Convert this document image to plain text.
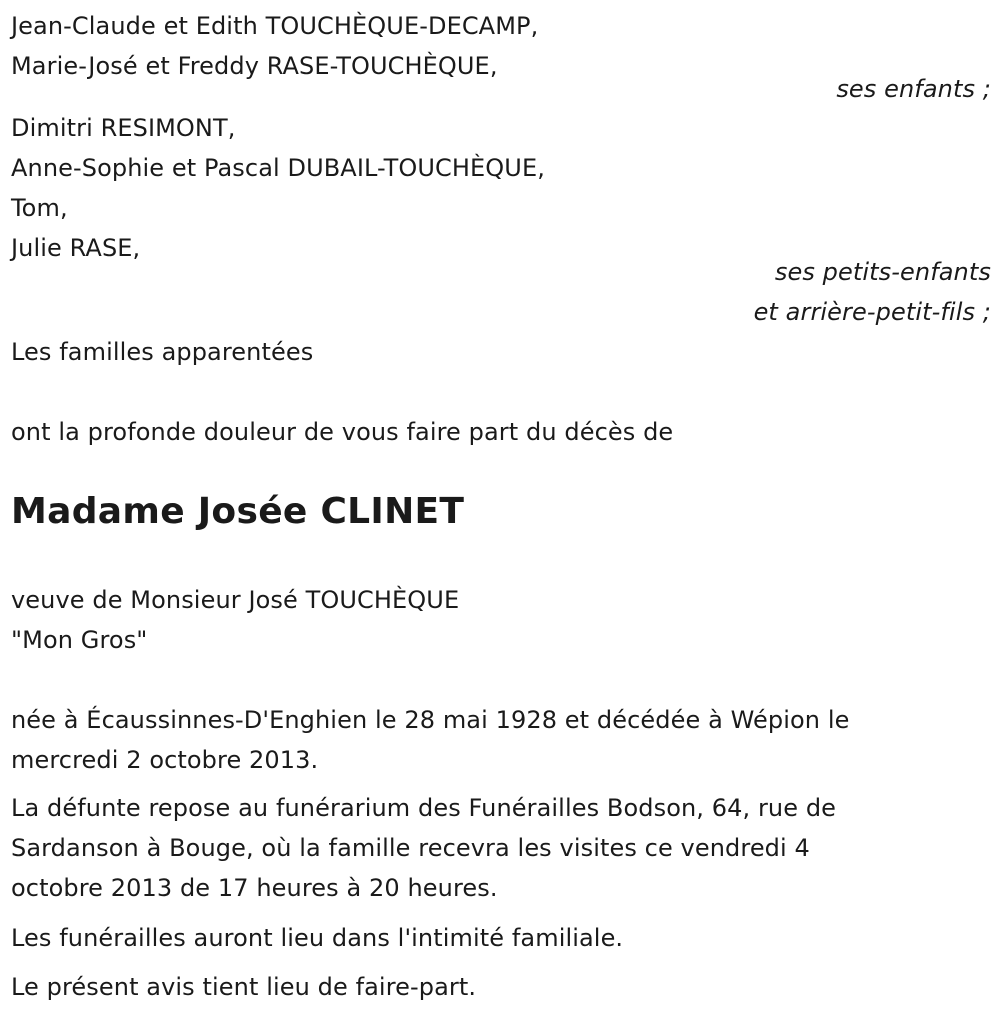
Jean-Claude et Edith TOUCHÈQUE-DECAMP,
Marie-José et Freddy RASE-TOUCHÈQUE,
ses enfants ;
Dimitri RESIMONT,
Anne-Sophie et Pascal DUBAIL-TOUCHÈQUE,
Tom,
Julie RASE,
ses petits-enfants
et arrière-petit-fils ;
Les familles apparentées
ont la profonde douleur de vous faire part du décès de
Madame Josée CLINET
veuve de Monsieur José TOUCHÈQUE
"Mon Gros"
née à Écaussinnes-D'Enghien le 28 mai 1928 et décédée à Wépion le
mercredi 2 octobre 2013.
La défunte repose au funérarium des Funérailles Bodson, 64, rue de
Sardanson à Bouge, où la famille recevra les visites ce vendredi 4
octobre 2013 de 17 heures à 20 heures.
Les funérailles auront lieu dans l'intimité familiale.
Le présent avis tient lieu de faire-part.
